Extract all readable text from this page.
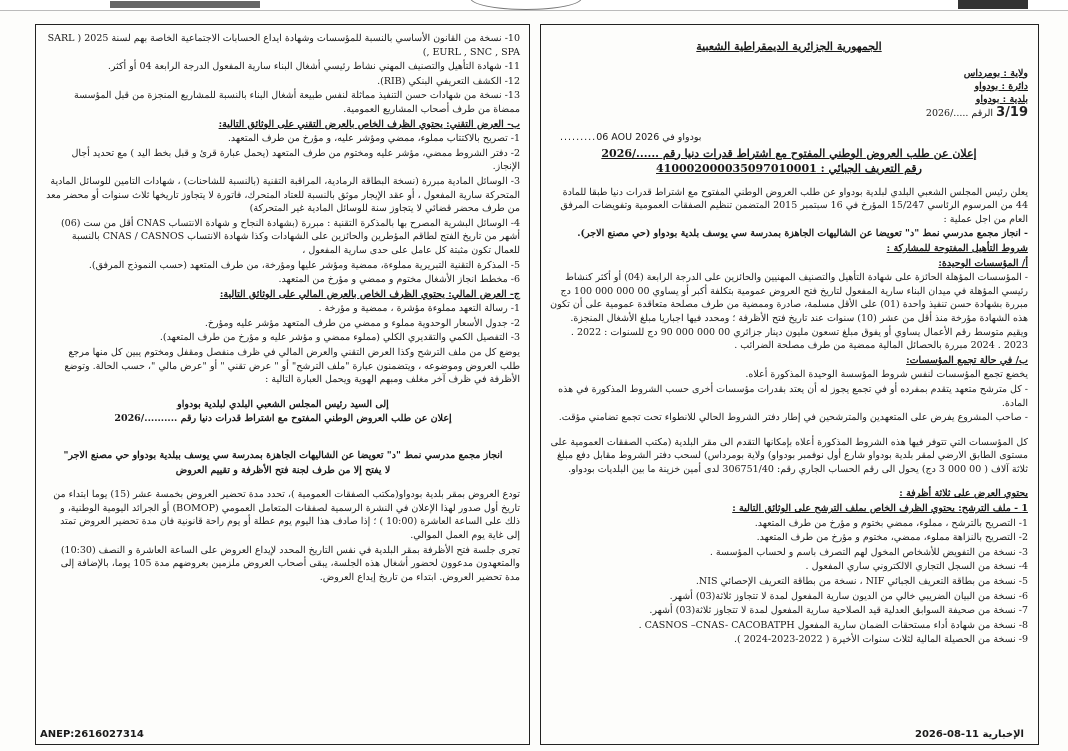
الجمهورية الجزائرية الديمقراطية الشعبية

ولاية : بومرداس

دائرة : بودواو

بلدية : بودواو

3/19 الرقم ...../2026

إعلان عن طلب العروض الوطني المفتوح مع اشتراط قدرات دنيا رقم ....../2026
رقم التعريف الجبائي : 410002000035097010001

يعلن رئيس المجلس الشعبي البلدي لبلدية بودواو عن طلب العروض الوطني المفتوح مع اشتراط قدرات دنيا طبقا للمادة 44 من المرسوم الرئاسي 15/247 المؤرخ في 16 سبتمبر 2015 المتضمن تنظيم الصفقات العمومية وتفويضات المرفق العام من اجل عملية :

- انجاز مجمع مدرسي نمط "د" تعويضا عن الشاليهات الجاهزة بمدرسة سي يوسف بلدية بودواو (حي مصنع الاجر).

شروط التأهيل المفتوحة للمشاركة :

أ/ المؤسسات الوحيدة:

- المؤسسات المؤهلة الحائزة على شهادة التأهيل والتصنيف المهنيين والحائزين على الدرجة الرابعة (04) أو أكثر كنشاط رئيسي المؤهلة في ميدان البناء سارية المفعول لتاريخ فتح العروض عمومية بتكلفة أكبر أو يساوي 00 000 000 100 دج مبررة بشهادة حسن تنفيذ واحدة (01) على الأقل مسلمة، صادرة وممضية من طرف مصلحة متعاقدة عمومية على أن تكون هذه الشهادة مؤرخة منذ أقل من عشر (10) سنوات عند تاريخ فتح الأظرفة ؛ ومحدد فيها اجباريا مبلغ الأشغال المنجزة. ويقيم متوسط رقم الأعمال يساوي أو يفوق مبلغ تسعون مليون دينار جزائري 00 000 000 90 دج للسنوات : 2022 . 2023 . 2024 مبررة بالحصائل المالية ممضية من طرف مصلحة الضرائب .

ب/ في حالة تجمع المؤسسات:

يخضع تجمع المؤسسات لنفس شروط المؤسسة الوحيدة المذكورة أعلاه.

- كل مترشح متعهد يتقدم بمفرده أو في تجمع يجوز له أن يعتد بقدرات مؤسسات أخرى حسب الشروط المذكورة في هذه المادة.

- صاحب المشروع يفرض على المتعهدين والمترشحين في إطار دفتر الشروط الحالي للانطواء تحت تجمع تضامني مؤقت.

كل المؤسسات التي تتوفر فيها هذه الشروط المذكورة أعلاه بإمكانها التقدم الى مقر البلدية (مكتب الصفقات العمومية على مستوى الطابق الارضي لمقر بلدية بودواو شارع أول نوفمبر بودواو) ولاية بومرداس) لسحب دفتر الشروط مقابل دفع مبلغ ثلاثة آلاف ( 00 000 3 دج) يحول الى رقم الحساب الجاري رقم: 306751/40 لدى أمين خزينة ما بين البلديات بودواو.

يحتوي العرض على ثلاثة أظرفة :

1 - ملف الترشح: يحتوي الظرف الخاص بملف الترشح على الوثائق التالية :

1- التصريح بالترشح ، مملوء، ممضي بختوم و مؤرخ من طرف المتعهد.

2- التصريح بالنزاهة مملوء، ممضي، مختوم و مؤرخ من طرف المتعهد.

3- نسخة من التفويض للأشخاص المخول لهم التصرف باسم و لحساب المؤسسة .

4- نسخة من السجل التجاري الالكتروني ساري المفعول .

5- نسخة من بطاقة التعريف الجبائي NIF ، نسخة من بطاقة التعريف الإحصائي NIS.

6- نسخة من البيان الضريبي خالي من الديون سارية المفعول لمدة لا تتجاوز ثلاثة(03) أشهر.

7- نسخة من صحيفة السوابق العدلية قيد الصلاحية سارية المفعول لمدة لا تتجاوز ثلاثة(03) أشهر.

8- نسخة من شهادة أداء مستحقات الضمان سارية المفعول CASNOS –CNAS- CACOBATPH .

9- نسخة من الحصيلة المالية لثلاث سنوات الأخيرة ( 2022-2023-2024 ).

.........06 AOU 2026 بودواو في

10- نسخة من القانون الأساسي بالنسبة للمؤسسات وشهادة ايداع الحسابات الاجتماعية الخاصة بهم لسنة 2025 ( SARL , EURL , SNC , SPA)

11- شهادة التأهيل والتصنيف المهني نشاط رئيسي أشغال البناء سارية المفعول الدرجة الرابعة 04 أو أكثر.

12- الكشف التعريفي البنكي (RIB).

13- نسخة من شهادات حسن التنفيذ مماثلة لنفس طبيعة أشغال البناء بالنسبة للمشاريع المنجزة من قبل المؤسسة ممضاة من طرف أصحاب المشاريع العمومية.

ب- العرض التقني: يحتوي الظرف الخاص بالعرض التقني على الوثائق التالية:

1- تصريح بالاكتتاب مملوء، ممضي ومؤشر عليه، و مؤرخ من طرف المتعهد.

2- دفتر الشروط ممضي، مؤشر عليه ومختوم من طرف المتعهد (يحمل عبارة قرئ و قبل بخط اليد ) مع تحديد أجال الإنجاز.

3- الوسائل المادية مبررة (نسخة البطاقة الرمادية، المراقبة التقنية (بالنسبة للشاحنات) ، شهادات التامين للوسائل المادية المتحركة سارية المفعول ، أو عقد الإيجار موثق بالنسبة للعتاد المتحرك، فاتورة لا يتجاوز تاريخها ثلاث سنوات أو محضر معد من طرف محضر قضائي لا يتجاوز سنة للوسائل المادية غير المتحركة)

4- الوسائل البشرية المصرح بها بالمذكرة التقنية : مبررة (بشهادة النجاح و شهادة الانتساب CNAS أقل من ست (06) أشهر من تاريخ الفتح لطاقم المؤطرين والحائزين على الشهادات وكذا شهادة الانتساب CNAS / CASNOS بالنسبة للعمال تكون مثبتة كل عامل على حدى سارية المفعول ،

5- المذكرة التقنية التبريرية مملوءة، ممضية ومؤشر عليها ومؤرخة، من طرف المتعهد (حسب النموذج المرفق).

6- مخطط انجاز الأشغال مختوم و ممضي و مؤرخ من المتعهد.

ج- العرض المالي: يحتوي الظرف الخاص بالعرض المالي على الوثائق التالية:

1- رسالة التعهد مملوءة مؤشرة ، ممضية و مؤرخة .

2- جدول الأسعار الوحدوية مملوء و ممضي من طرف المتعهد مؤشر عليه ومؤرخ.

3- التفصيل الكمي والتقديري الكلي (مملوء ممضي و مؤشر عليه و مؤرخ من طرف المتعهد).

يوضع كل من ملف الترشح وكذا العرض التقني والعرض المالي في ظرف منفصل ومقفل ومختوم يبين كل منها مرجع طلب العروض وموضوعه ، ويتضمنون عبارة "ملف الترشح" أو " عرض تقني " أو "عرض مالي "، حسب الحالة. وتوضع الأظرفة في ظرف آخر مغلف ومبهم الهوية ويحمل العبارة التالية :

إلى السيد رئيس المجلس الشعبي البلدي لبلدية بودواو

إعلان عن طلب العروض الوطني المفتوح مع اشتراط قدرات دنيا رقم ........../2026

انجاز مجمع مدرسي نمط "د" تعويضا عن الشاليهات الجاهزة بمدرسة سي يوسف ببلدية بودواو حي مصنع الاجر"

لا يفتح إلا من طرف لجنة فتح الأظرفة و تقييم العروض

تودع العروض بمقر بلدية بودواو(مكتب الصفقات العمومية )، تحدد مدة تحضير العروض بخمسة عشر (15) يوما ابتداء من تاريخ أول صدور لهذا الإعلان في النشرة الرسمية لصفقات المتعامل العمومي (BOMOP) أو الجرائد اليومية الوطنية، و ذلك على الساعة العاشرة (10:00 ) ؛ إذا صادف هذا اليوم يوم عطلة أو يوم راحة قانونية فان مدة تحضير العروض تمتد إلى غاية يوم العمل الموالي.

تجرى جلسة فتح الأظرفة بمقر البلدية في نفس التاريخ المحدد لإيداع العروض على الساعة العاشرة و النصف (10:30) والمتعهدون مدعوون لحضور أشغال هذه الجلسة، يبقى أصحاب العروض ملزمين بعروضهم مدة 105 يوما، بالإضافة إلى مدة تحضير العروض. ابتداء من تاريخ إيداع العروض.

ANEP:2616027314	الإخبارية 11-08-2026
